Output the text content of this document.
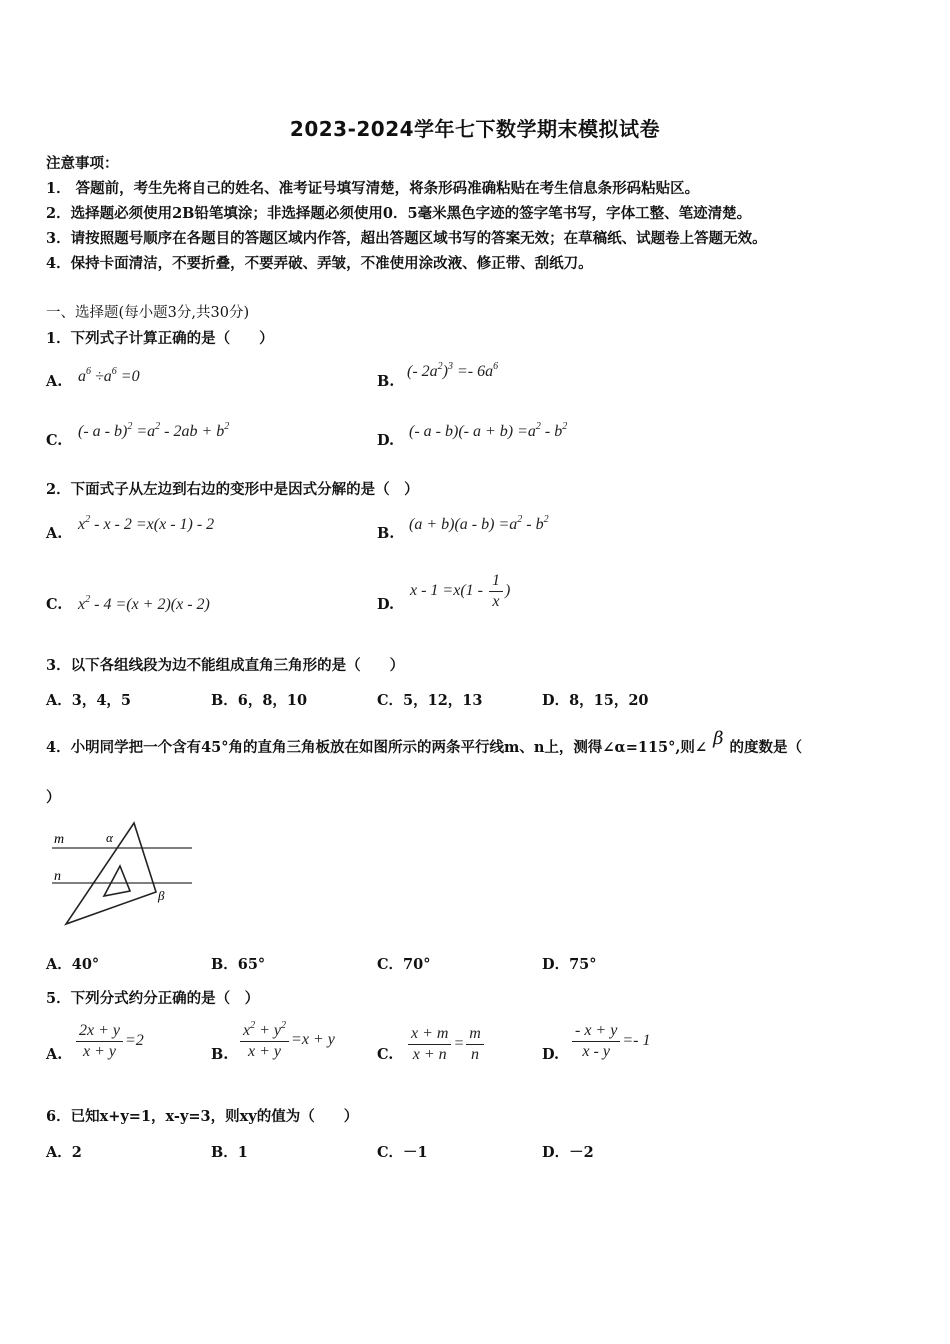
2023-2024学年七下数学期末模拟试卷
注意事项：
1． 答题前，考生先将自己的姓名、准考证号填写清楚，将条形码准确粘贴在考生信息条形码粘贴区。
2．选择题必须使用2B铅笔填涂；非选择题必须使用0．5毫米黑色字迹的签字笔书写，字体工整、笔迹清楚。
3．请按照题号顺序在各题目的答题区域内作答，超出答题区域书写的答案无效；在草稿纸、试题卷上答题无效。
4．保持卡面清洁，不要折叠，不要弄破、弄皱，不准使用涂改液、修正带、刮纸刀。
一、选择题(每小题3分,共30分)
1．下列式子计算正确的是（　　）
A. $a^6 \div a^6 =0$	B.
(- $2a^2)^3 =- 6a^6$
C.
(- $a - b)^2 =a^2 - 2ab + b^2$
D.
(- a - b)(- $a + b) =a^2 - b^2$
2．下面式子从左边到右边的变形中是因式分解的是（　）
A.
$x^2 - x - 2 =x(x - 1) - 2$
B.
$(a + b)(a - b) =a^2 - b^2$
C. $x^2 - 4 =(x + 2)(x - 2)$	D.
$x - 1 =x(1 - \frac{1}{x}$ )
3．以下各组线段为边不能组成直角三角形的是（　　）
A．3，4，5	B．6，8，10	C．5，12，13	D．8，15，20
4．小明同学把一个含有45°角的直角三角板放在如图所示的两条平行线m、n上，测得∠α=115°,则∠ β 的度数是（
）
m
n
α
β
A．40°	B．65°	C．70°	D．75°
5．下列分式约分正确的是（　）
A. $\frac{2x + y}{x + y} =2$
B. $\frac{x^2 + y^2}{x + y} =x + y$
C. $\frac{x + m}{x + n} = \frac{m}{n}$	D. $\frac{- x + y}{x - y} =- 1$
6．已知x+y=1，x-y=3，则xy的值为（　　）
A．2	B．1	C．－1	D．－2
